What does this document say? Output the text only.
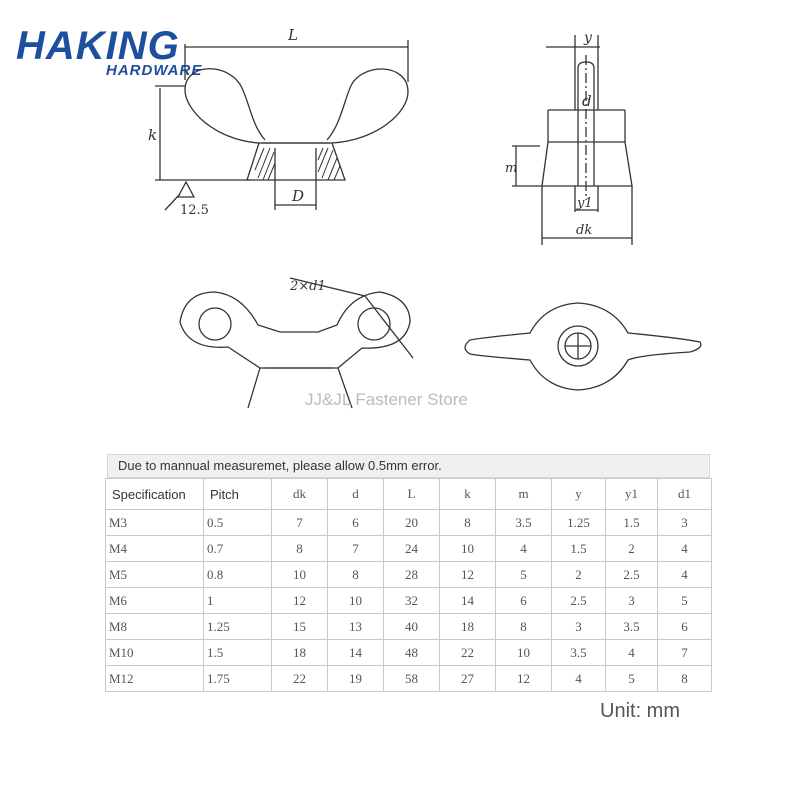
HAKING
HARDWARE
L
k
D
12.5
y
d
m
y1
dk
2×d1
JJ&JL Fastener Store
Due to mannual measuremet, please allow 0.5mm error.
Specification	Pitch	dk	d	L	k	m	y	y1	d1
M3	0.5	7	6	20	8	3.5	1.25	1.5	3
M4	0.7	8	7	24	10	4	1.5	2	4
M5	0.8	10	8	28	12	5	2	2.5	4
M6	1	12	10	32	14	6	2.5	3	5
M8	1.25	15	13	40	18	8	3	3.5	6
M10	1.5	18	14	48	22	10	3.5	4	7
M12	1.75	22	19	58	27	12	4	5	8
Unit: mm
